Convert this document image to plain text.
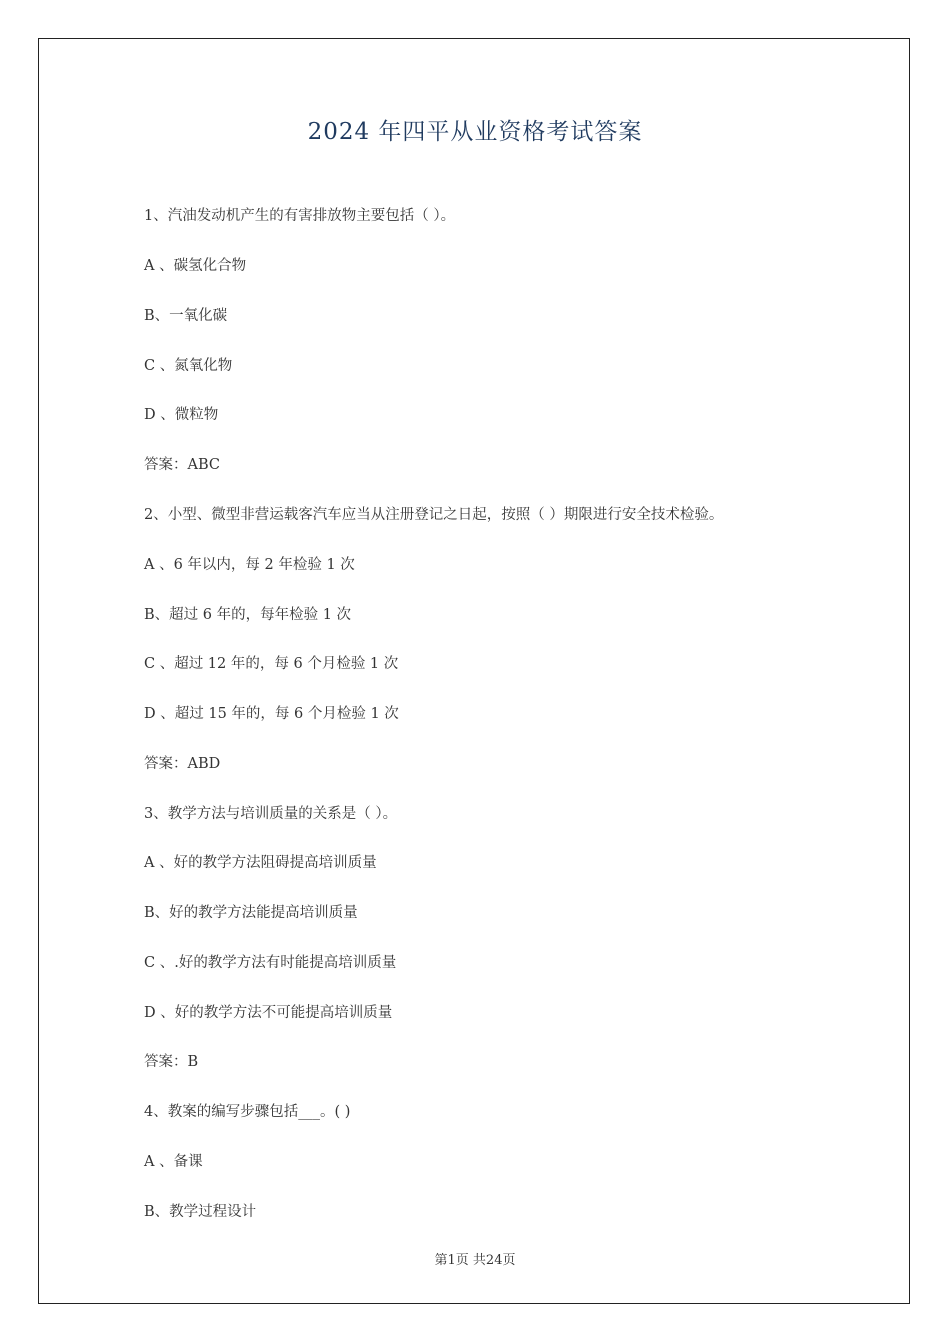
2024 年四平从业资格考试答案
1、汽油发动机产生的有害排放物主要包括（ ）。
A 、碳氢化合物
B、一氧化碳
C 、氮氧化物
D 、微粒物
答案：ABC
2、小型、微型非营运载客汽车应当从注册登记之日起，按照（ ）期限进行安全技术检验。
A 、6 年以内，每 2 年检验 1 次
B、超过 6 年的，每年检验 1 次
C 、超过 12 年的，每 6 个月检验 1 次
D 、超过 15 年的，每 6 个月检验 1 次
答案：ABD
3、教学方法与培训质量的关系是（ ）。
A 、好的教学方法阻碍提高培训质量
B、好的教学方法能提高培训质量
C 、.好的教学方法有时能提高培训质量
D 、好的教学方法不可能提高培训质量
答案：B
4、教案的编写步骤包括___。( )
A 、备课
B、教学过程设计
第1页 共24页
